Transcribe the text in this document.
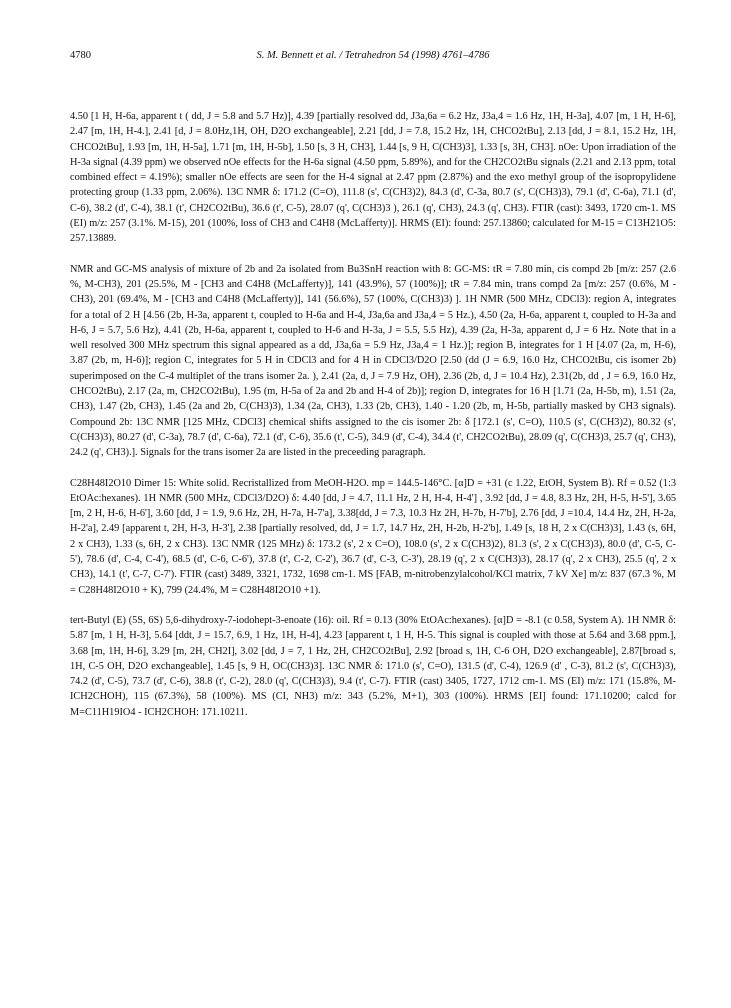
4780	S. M. Bennett et al. / Tetrahedron 54 (1998) 4761–4786

4.50 [1 H, H-6a, apparent t ( dd, J = 5.8 and 5.7 Hz)], 4.39 [partially resolved dd, J3a,6a = 6.2 Hz, J3a,4 = 1.6 Hz, 1H, H-3a], 4.07 [m, 1 H, H-6], 2.47 [m, 1H, H-4.], 2.41 [d, J = 8.0Hz,1H, OH, D2O exchangeable], 2.21 [dd, J = 7.8, 15.2 Hz, 1H, CHCO2tBu], 2.13 [dd, J = 8.1, 15.2 Hz, 1H, CHCO2tBu], 1.93 [m, 1H, H-5a], 1.71 [m, 1H, H-5b], 1.50 [s, 3 H, CH3], 1.44 [s, 9 H, C(CH3)3], 1.33 [s, 3H, CH3]. nOe: Upon irradiation of the H-3a signal (4.39 ppm) we observed nOe effects for the H-6a signal (4.50 ppm, 5.89%), and for the CH2CO2tBu signals (2.21 and 2.13 ppm, total combined effect = 4.19%); smaller nOe effects are seen for the H-4 signal at 2.47 ppm (2.87%) and the exo methyl group of the isopropylidene protecting group (1.33 ppm, 2.06%). 13C NMR δ: 171.2 (C=O), 111.8 (s', C(CH3)2), 84.3 (d', C-3a, 80.7 (s', C(CH3)3), 79.1 (d', C-6a), 71.1 (d', C-6), 38.2 (d', C-4), 38.1 (t', CH2CO2tBu), 36.6 (t', C-5), 28.07 (q', C(CH3)3 ), 26.1 (q', CH3), 24.3 (q', CH3). FTIR (cast): 3493, 1720 cm-1. MS (EI) m/z: 257 (3.1%. M-15), 201 (100%, loss of CH3 and C4H8 (McLafferty)]. HRMS (EI): found: 257.13860; calculated for M-15 = C13H21O5: 257.13889.

NMR and GC-MS analysis of mixture of 2b and 2a isolated from Bu3SnH reaction with 8: GC-MS: tR = 7.80 min, cis compd 2b [m/z: 257 (2.6 %, M-CH3), 201 (25.5%, M - [CH3 and C4H8 (McLafferty)], 141 (43.9%), 57 (100%)]; tR = 7.84 min, trans compd 2a [m/z: 257 (0.6%, M - CH3), 201 (69.4%, M - [CH3 and C4H8 (McLafferty)], 141 (56.6%), 57 (100%, C(CH3)3) ]. 1H NMR (500 MHz, CDCl3): region A, integrates for a total of 2 H [4.56 (2b, H-3a, apparent t, coupled to H-6a and H-4, J3a,6a and J3a,4 = 5 Hz.), 4.50 (2a, H-6a, apparent t, coupled to H-3a and H-6, J = 5.7, 5.6 Hz), 4.41 (2b, H-6a, apparent t, coupled to H-6 and H-3a, J = 5.5, 5.5 Hz), 4.39 (2a, H-3a, apparent d, J = 6 Hz. Note that in a well resolved 300 MHz spectrum this signal appeared as a dd, J3a,6a = 5.9 Hz, J3a,4 = 1 Hz.)]; region B, integrates for 1 H [4.07 (2a, m, H-6), 3.87 (2b, m, H-6)]; region C, integrates for 5 H in CDCl3 and for 4 H in CDCl3/D2O [2.50 (dd (J = 6.9, 16.0 Hz, CHCO2tBu, cis isomer 2b) superimposed on the C-4 multiplet of the trans isomer 2a. ), 2.41 (2a, d, J = 7.9 Hz, OH), 2.36 (2b, d, J = 10.4 Hz), 2.31(2b, dd , J = 6.9, 16.0 Hz, CHCO2tBu), 2.17 (2a, m, CH2CO2tBu), 1.95 (m, H-5a of 2a and 2b and H-4 of 2b)]; region D, integrates for 16 H [1.71 (2a, H-5b, m), 1.51 (2a, CH3), 1.47 (2b, CH3), 1.45 (2a and 2b, C(CH3)3), 1.34 (2a, CH3), 1.33 (2b, CH3), 1.40 - 1.20 (2b, m, H-5b, partially masked by CH3 signals). Compound 2b: 13C NMR [125 MHz, CDCl3] chemical shifts assigned to the cis isomer 2b: δ [172.1 (s', C=O), 110.5 (s', C(CH3)2), 80.32 (s', C(CH3)3), 80.27 (d', C-3a), 78.7 (d', C-6a), 72.1 (d', C-6), 35.6 (t', C-5), 34.9 (d', C-4), 34.4 (t', CH2CO2tBu), 28.09 (q', C(CH3)3, 25.7 (q', CH3), 24.2 (q', CH3).]. Signals for the trans isomer 2a are listed in the preceeding paragraph.

C28H48I2O10 Dimer 15: White solid. Recristallized from MeOH-H2O. mp = 144.5-146°C. [α]D = +31 (c 1.22, EtOH, System B). Rf = 0.52 (1:3 EtOAc:hexanes). 1H NMR (500 MHz, CDCl3/D2O) δ: 4.40 [dd, J = 4.7, 11.1 Hz, 2 H, H-4, H-4'] , 3.92 [dd, J = 4.8, 8.3 Hz, 2H, H-5, H-5'], 3.65 [m, 2 H, H-6, H-6'], 3.60 [dd, J = 1.9, 9.6 Hz, 2H, H-7a, H-7'a], 3.38[dd, J = 7.3, 10.3 Hz 2H, H-7b, H-7'b], 2.76 [dd, J =10.4, 14.4 Hz, 2H, H-2a, H-2'a], 2.49 [apparent t, 2H, H-3, H-3'], 2.38 [partially resolved, dd, J = 1.7, 14.7 Hz, 2H, H-2b, H-2'b], 1.49 [s, 18 H, 2 x C(CH3)3], 1.43 (s, 6H, 2 x CH3), 1.33 (s, 6H, 2 x CH3). 13C NMR (125 MHz) δ: 173.2 (s', 2 x C=O), 108.0 (s', 2 x C(CH3)2), 81.3 (s', 2 x C(CH3)3), 80.0 (d', C-5, C-5'), 78.6 (d', C-4, C-4'), 68.5 (d', C-6, C-6'), 37.8 (t', C-2, C-2'), 36.7 (d', C-3, C-3'), 28.19 (q', 2 x C(CH3)3), 28.17 (q', 2 x CH3), 25.5 (q', 2 x CH3), 14.1 (t', C-7, C-7'). FTIR (cast) 3489, 3321, 1732, 1698 cm-1. MS [FAB, m-nitrobenzylalcohol/KCl matrix, 7 kV Xe] m/z: 837 (67.3 %, M = C28H48I2O10 + K), 799 (24.4%, M = C28H48I2O10 +1).

tert-Butyl (E) (5S, 6S) 5,6-dihydroxy-7-iodohept-3-enoate (16): oil. Rf = 0.13 (30% EtOAc:hexanes). [α]D = -8.1 (c 0.58, System A). 1H NMR δ: 5.87 [m, 1 H, H-3], 5.64 [ddt, J = 15.7, 6.9, 1 Hz, 1H, H-4], 4.23 [apparent t, 1 H, H-5. This signal is coupled with those at 5.64 and 3.68 ppm.], 3.68 [m, 1H, H-6], 3.29 [m, 2H, CH2I], 3.02 [dd, J = 7, 1 Hz, 2H, CH2CO2tBu], 2.92 [broad s, 1H, C-6 OH, D2O exchangeable], 2.87[broad s, 1H, C-5 OH, D2O exchangeable], 1.45 [s, 9 H, OC(CH3)3]. 13C NMR δ: 171.0 (s', C=O), 131.5 (d', C-4), 126.9 (d' , C-3), 81.2 (s', C(CH3)3), 74.2 (d', C-5), 73.7 (d', C-6), 38.8 (t', C-2), 28.0 (q', C(CH3)3), 9.4 (t', C-7). FTIR (cast) 3405, 1727, 1712 cm-1. MS (EI) m/z: 171 (15.8%, M-ICH2CHOH), 115 (67.3%), 58 (100%). MS (CI, NH3) m/z: 343 (5.2%, M+1), 303 (100%). HRMS [EI] found: 171.10200; calcd for M=C11H19IO4 - ICH2CHOH: 171.10211.
